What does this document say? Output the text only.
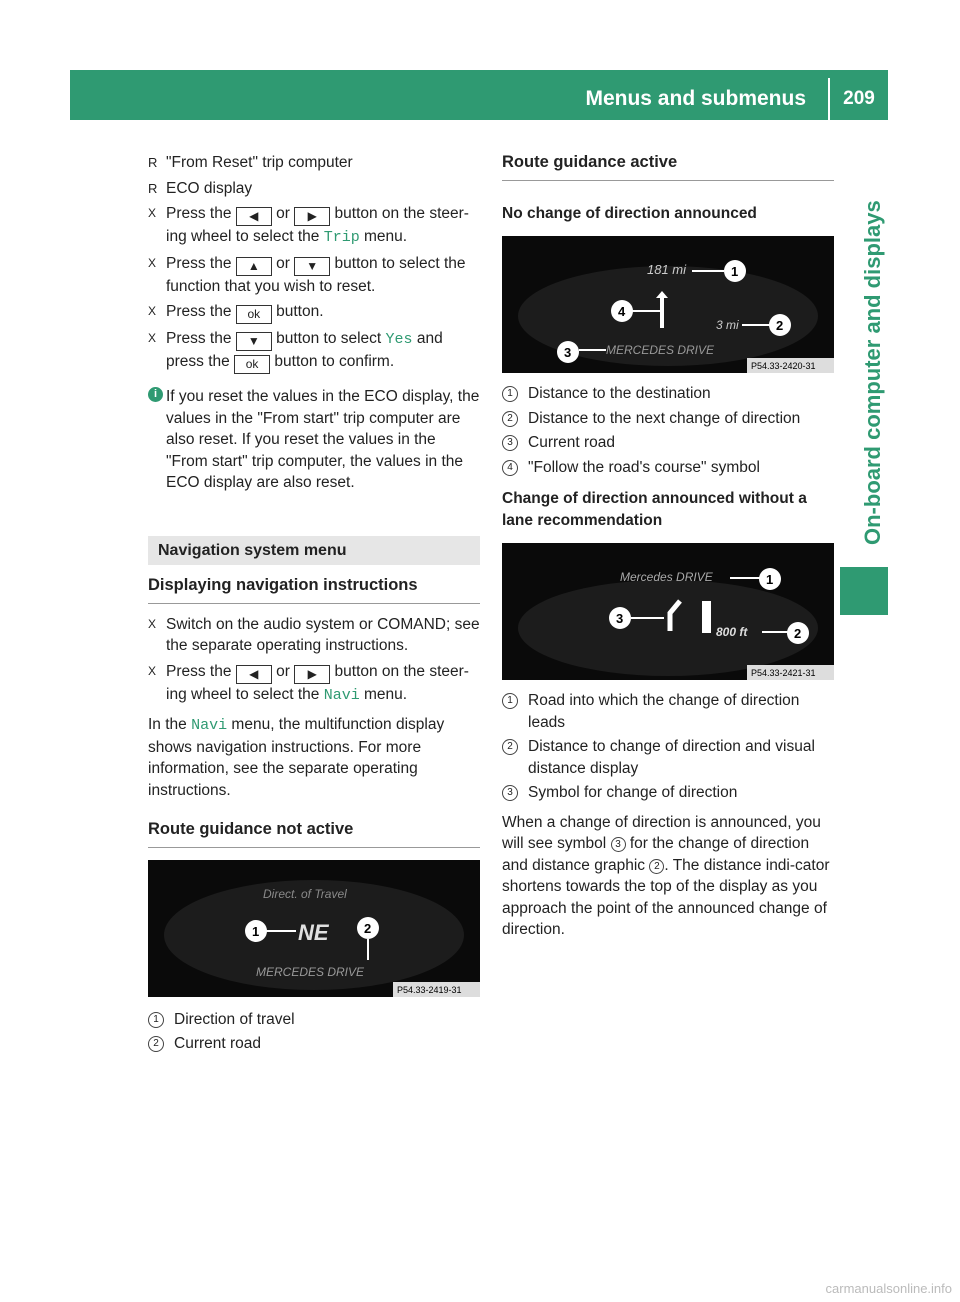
Menus and submenus	209
On-board computer and displays
R "From Reset" trip computer
R ECO display
X Press the ◀ or ▶ button on the steer-ing wheel to select the Trip menu.
X Press the ▲ or ▼ button to select the function that you wish to reset.
X Press the ok button.
X Press the ▼ button to select Yes and press the ok button to confirm.
i If you reset the values in the ECO display, the values in the "From start" trip computer are also reset. If you reset the values in the "From start" trip computer, the values in the ECO display are also reset.
Navigation system menu
Displaying navigation instructions
X Switch on the audio system or COMAND; see the separate operating instructions.
X Press the ◀ or ▶ button on the steer-ing wheel to select the Navi menu.
In the Navi menu, the multifunction display shows navigation instructions. For more information, see the separate operating instructions.
Route guidance not active
Direct. of Travel
NE
1	2
MERCEDES DRIVE
P54.33-2419-31
1 Direction of travel
2 Current road
Route guidance active
No change of direction announced
181 mi	1
4
3 mi	2
3	MERCEDES DRIVE
P54.33-2420-31
1 Distance to the destination
2 Distance to the next change of direction
3 Current road
4 "Follow the road's course" symbol
Change of direction announced without a lane recommendation
Mercedes DRIVE	1
3
800 ft	2
P54.33-2421-31
1 Road into which the change of direction leads
2 Distance to change of direction and visual distance display
3 Symbol for change of direction
When a change of direction is announced, you will see symbol 3 for the change of direction and distance graphic 2 . The distance indi-cator shortens towards the top of the display as you approach the point of the announced change of direction.
carmanualsonline.info
